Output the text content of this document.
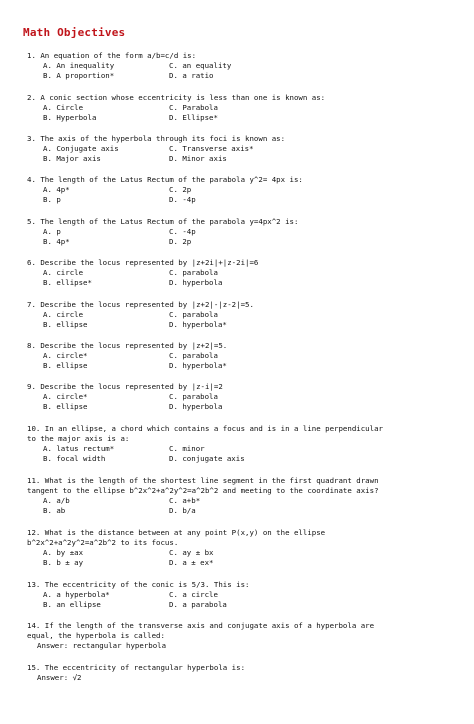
Math Objectives
1. An equation of the form a/b=c/d is:
A. An inequality	C. an equality
B. A proportion*	D. a ratio
2. A conic section whose eccentricity is less than one is known as:
A. Circle	C. Parabola
B. Hyperbola	D. Ellipse*
3. The axis of the hyperbola through its foci is known as:
A. Conjugate axis	C. Transverse axis*
B. Major axis	D. Minor axis
4. The length of the Latus Rectum of the parabola y^2= 4px is:
A. 4p*	C. 2p
B. p	D. -4p
5. The length of the Latus Rectum of the parabola y=4px^2 is:
A. p	C. -4p
B. 4p*	D. 2p
6. Describe the locus represented by |z+2i|+|z-2i|=6
A. circle	C. parabola
B. ellipse*	D. hyperbola
7. Describe the locus represented by |z+2|-|z-2|=5.
A. circle	C. parabola
B. ellipse	D. hyperbola*
8. Describe the locus represented by |z+2|=5.
A. circle*	C. parabola
B. ellipse	D. hyperbola*
9. Describe the locus represented by |z-i|=2
A. circle*	C. parabola
B. ellipse	D. hyperbola
10. In an ellipse, a chord which contains a focus and is in a line perpendicular
to the major axis is a:
A. latus rectum*	C. minor
B. focal width	D. conjugate axis
11. What is the length of the shortest line segment in the first quadrant drawn
tangent to the ellipse b^2x^2+a^2y^2=a^2b^2 and meeting to the coordinate axis?
A. a/b	C. a+b*
B. ab	D. b/a
12. What is the distance between at any point P(x,y) on the ellipse
b^2x^2+a^2y^2=a^2b^2 to its focus.
A. by ±ax	C. ay ± bx
B. b ± ay	D. a ± ex*
13. The eccentricity of the conic is 5/3. This is:
A. a hyperbola*	C. a circle
B. an ellipse	D. a parabola
14. If the length of the transverse axis and conjugate axis of a hyperbola are
equal, the hyperbola is called:
Answer: rectangular hyperbola
15. The eccentricity of rectangular hyperbola is:
Answer: √2
